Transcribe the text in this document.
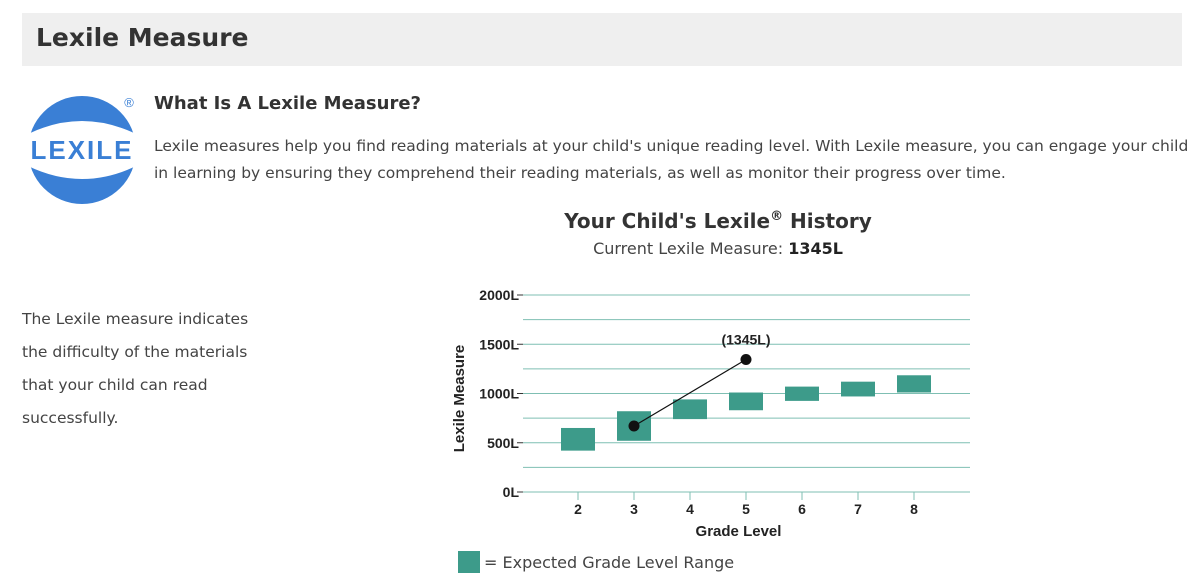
Lexile Measure
LEXILE
® What Is A Lexile Measure?

Lexile measures help you find reading materials at your child's unique reading level. With Lexile measure, you can engage your child in learning by ensuring they comprehend their reading materials, as well as monitor their progress over time.

The Lexile measure indicates the difficulty of the materials that your child can read successfully.

Your Child's Lexile® History
Current Lexile Measure: 1345L
0L
500L
1000L
1500L
2000L
2	3	4	5	6	7	8
Grade Level
Lexile Measure
(1345L)
= Expected Grade Level Range
